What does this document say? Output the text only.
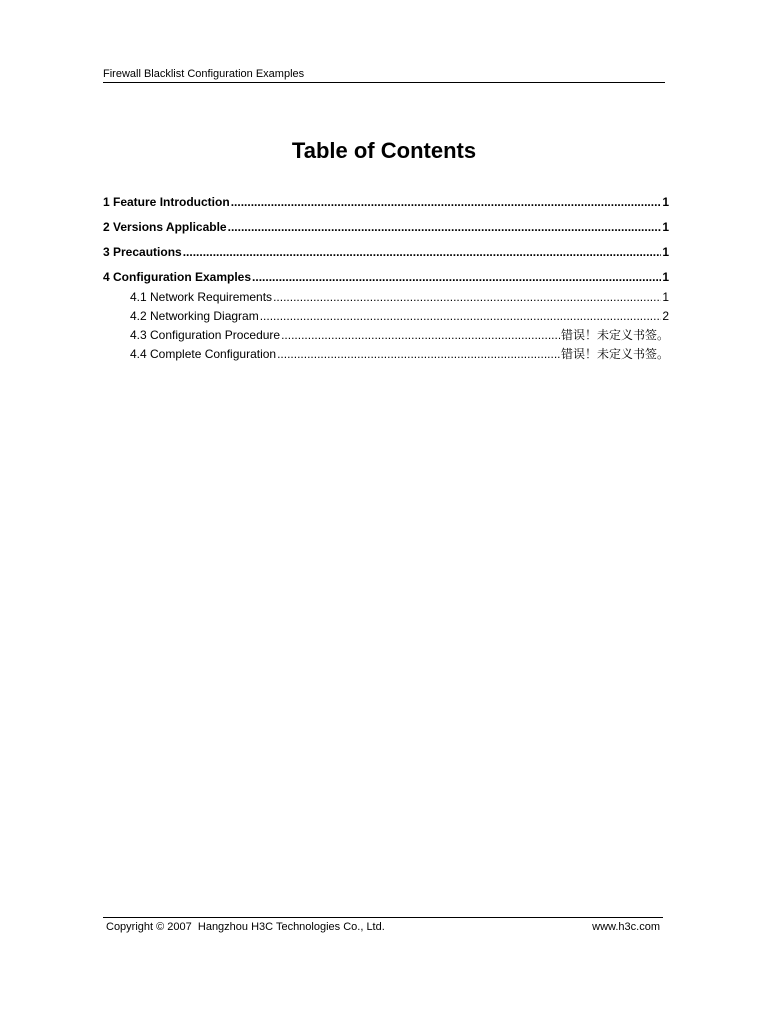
Firewall Blacklist Configuration Examples
Table of Contents
1 Feature Introduction .....	1
2 Versions Applicable .....	1
3 Precautions .....	1
4 Configuration Examples .....	1
4.1 Network Requirements .....	1
4.2 Networking Diagram .....	2
4.3 Configuration Procedure .....	错误！未定义书签。
4.4 Complete Configuration .....	错误！未定义书签。
Copyright © 2007  Hangzhou H3C Technologies Co., Ltd.	www.h3c.com
